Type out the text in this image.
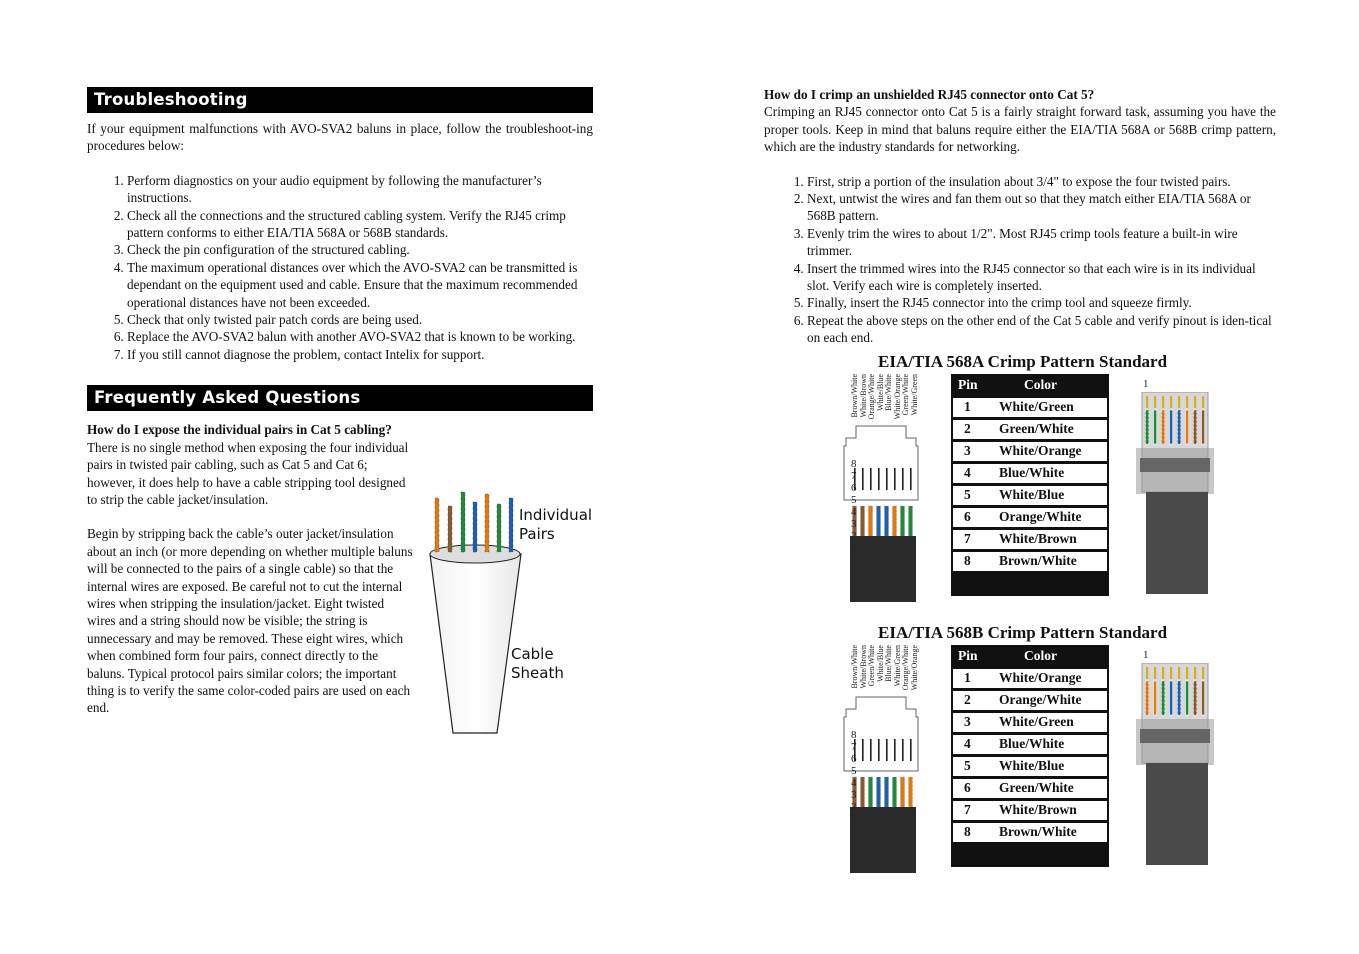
Troubleshooting

If your equipment malfunctions with AVO-SVA2 baluns in place, follow the troubleshoot-ing procedures below:

1. Perform diagnostics on your audio equipment by following the manufacturer’s instructions.
2. Check all the connections and the structured cabling system. Verify the RJ45 crimp pattern conforms to either EIA/TIA 568A or 568B standards.
3. Check the pin configuration of the structured cabling.
4. The maximum operational distances over which the AVO-SVA2 can be transmitted is dependant on the equipment used and cable. Ensure that the maximum recommended operational distances have not been exceeded.
5. Check that only twisted pair patch cords are being used.
6. Replace the AVO-SVA2 balun with another AVO-SVA2 that is known to be working.
7. If you still cannot diagnose the problem, contact Intelix for support.
Frequently Asked Questions

How do I expose the individual pairs in Cat 5 cabling?

There is no single method when exposing the four individual pairs in twisted pair cabling, such as Cat 5 and Cat 6; however, it does help to have a cable stripping tool designed to strip the cable jacket/insulation.

Begin by stripping back the cable’s outer jacket/insulation about an inch (or more depending on whether multiple baluns will be connected to the pairs of a single cable) so that the internal wires are exposed. Be careful not to cut the internal wires when stripping the insulation/jacket. Eight twisted wires and a string should now be visible; the string is unnecessary and may be removed. These eight wires, which when combined form four pairs, connect directly to the baluns. Typical protocol pairs similar colors; the important thing is to verify the same color-coded pairs are used on each end.

Individual
Pairs
Cable
Sheath

How do I crimp an unshielded RJ45 connector onto Cat 5?

Crimping an RJ45 connector onto Cat 5 is a fairly straight forward task, assuming you have the proper tools. Keep in mind that baluns require either the EIA/TIA 568A or 568B crimp pattern, which are the industry standards for networking.

1. First, strip a portion of the insulation about 3/4" to expose the four twisted pairs.
2. Next, untwist the wires and fan them out so that they match either EIA/TIA 568A or 568B pattern.
3. Evenly trim the wires to about 1/2". Most RJ45 crimp tools feature a built-in wire trimmer.
4. Insert the trimmed wires into the RJ45 connector so that each wire is in its individual slot. Verify each wire is completely inserted.
5. Finally, insert the RJ45 connector into the crimp tool and squeeze firmly.
6. Repeat the above steps on the other end of the Cat 5 cable and verify pinout is iden-tical on each end.
EIA/TIA 568A Crimp Pattern Standard
Brown/White White/Brown Orange/White White/Blue Blue/White White/Orange Green/White White/Green
8 7 6 5 4 3 2 1
Pin	Color
1 White/Green
2 Green/White
3 White/Orange
4 Blue/White
5 White/Blue
6 Orange/White
7 White/Brown
8 Brown/White
1
EIA/TIA 568B Crimp Pattern Standard
Brown/White White/Brown Green/White White/Blue Blue/White White/Green Orange/White White/Orange
8 7 6 5 4 3 2 1
Pin	Color
1 White/Orange
2 Orange/White
3 White/Green
4 Blue/White
5 White/Blue
6 Green/White
7 White/Brown
8 Brown/White
1
